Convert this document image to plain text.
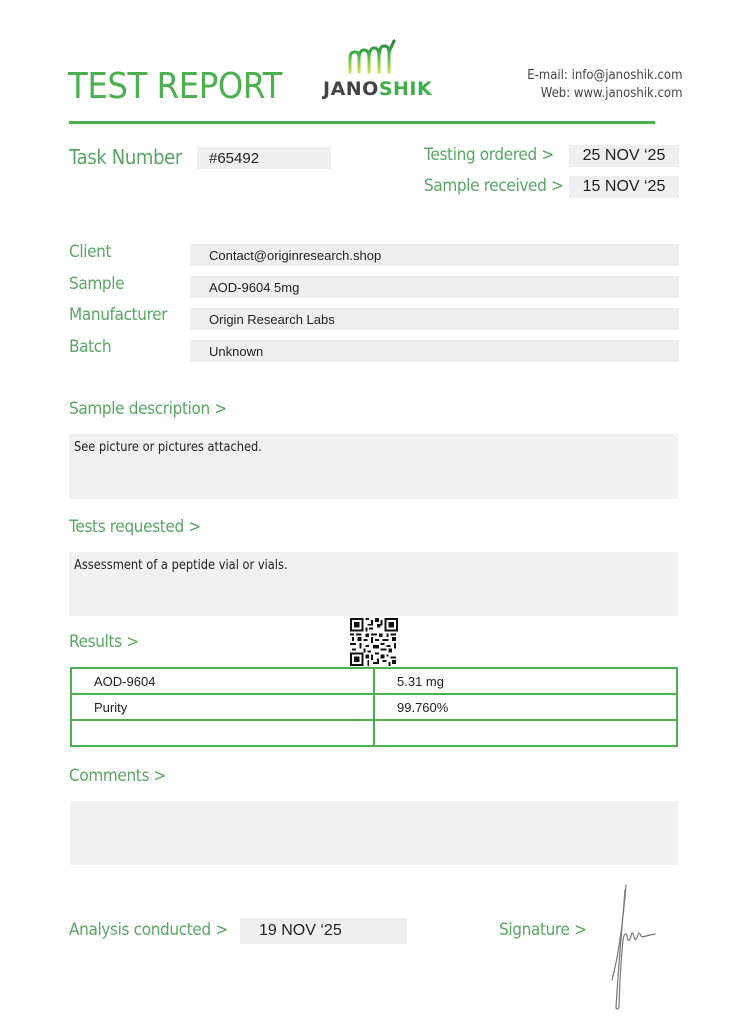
TEST REPORT JANOSHIK
E-mail: info@janoshik.com
Web: www.janoshik.com
Task Number	#65492	Testing ordered >	25 NOV ‘25
Sample received >	15 NOV ‘25
Client	Contact@originresearch.shop
Sample	AOD-9604 5mg
Manufacturer	Origin Research Labs
Batch	Unknown
Sample description >
See picture or pictures attached.
Tests requested >
Assessment of a peptide vial or vials.
Results >
AOD-9604	5.31 mg
Purity	99.760%

Comments >
Analysis conducted >	19 NOV ‘25	Signature >
